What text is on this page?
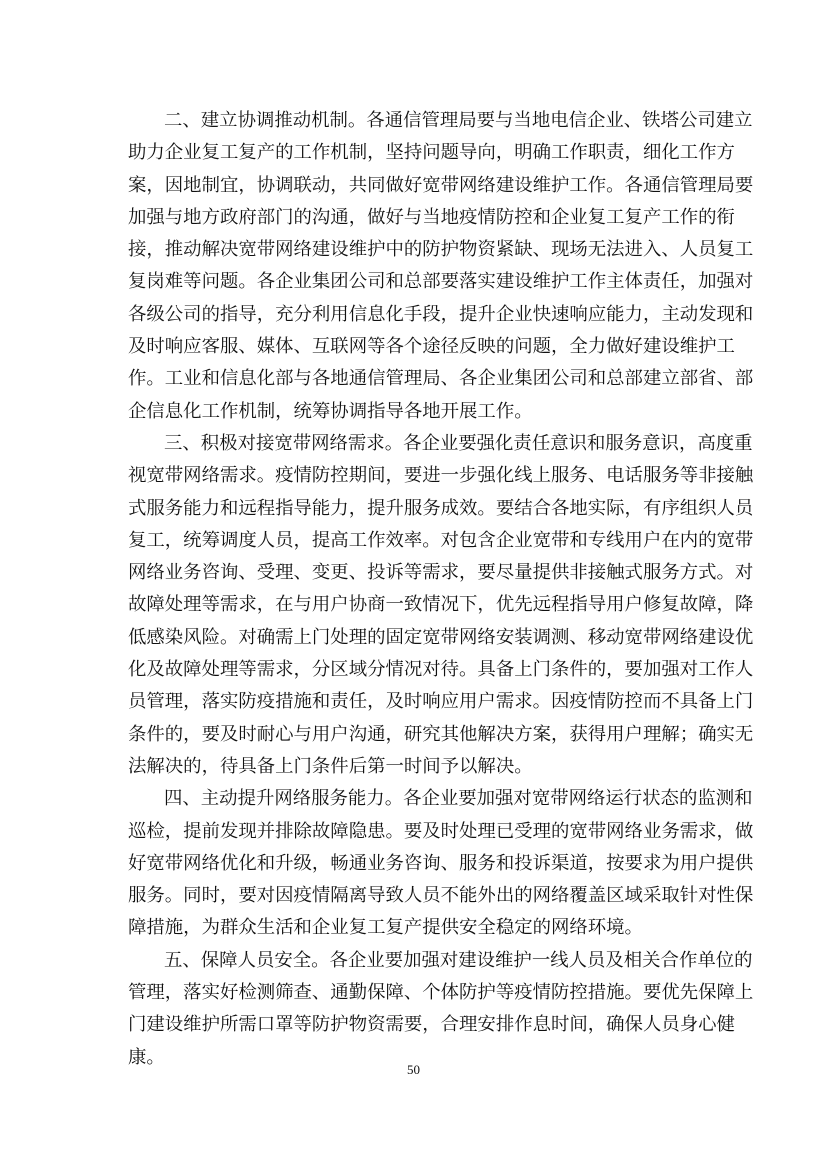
二、建立协调推动机制。各通信管理局要与当地电信企业、铁塔公司建立
助力企业复工复产的工作机制，坚持问题导向，明确工作职责，细化工作方
案，因地制宜，协调联动，共同做好宽带网络建设维护工作。各通信管理局要
加强与地方政府部门的沟通，做好与当地疫情防控和企业复工复产工作的衔
接，推动解决宽带网络建设维护中的防护物资紧缺、现场无法进入、人员复工
复岗难等问题。各企业集团公司和总部要落实建设维护工作主体责任，加强对
各级公司的指导，充分利用信息化手段，提升企业快速响应能力，主动发现和
及时响应客服、媒体、互联网等各个途径反映的问题，全力做好建设维护工
作。工业和信息化部与各地通信管理局、各企业集团公司和总部建立部省、部
企信息化工作机制，统筹协调指导各地开展工作。
三、积极对接宽带网络需求。各企业要强化责任意识和服务意识，高度重
视宽带网络需求。疫情防控期间，要进一步强化线上服务、电话服务等非接触
式服务能力和远程指导能力，提升服务成效。要结合各地实际，有序组织人员
复工，统筹调度人员，提高工作效率。对包含企业宽带和专线用户在内的宽带
网络业务咨询、受理、变更、投诉等需求，要尽量提供非接触式服务方式。对
故障处理等需求，在与用户协商一致情况下，优先远程指导用户修复故障，降
低感染风险。对确需上门处理的固定宽带网络安装调测、移动宽带网络建设优
化及故障处理等需求，分区域分情况对待。具备上门条件的，要加强对工作人
员管理，落实防疫措施和责任，及时响应用户需求。因疫情防控而不具备上门
条件的，要及时耐心与用户沟通，研究其他解决方案，获得用户理解；确实无
法解决的，待具备上门条件后第一时间予以解决。
四、主动提升网络服务能力。各企业要加强对宽带网络运行状态的监测和
巡检，提前发现并排除故障隐患。要及时处理已受理的宽带网络业务需求，做
好宽带网络优化和升级，畅通业务咨询、服务和投诉渠道，按要求为用户提供
服务。同时，要对因疫情隔离导致人员不能外出的网络覆盖区域采取针对性保
障措施，为群众生活和企业复工复产提供安全稳定的网络环境。
五、保障人员安全。各企业要加强对建设维护一线人员及相关合作单位的
管理，落实好检测筛查、通勤保障、个体防护等疫情防控措施。要优先保障上
门建设维护所需口罩等防护物资需要，合理安排作息时间，确保人员身心健
康。
50
